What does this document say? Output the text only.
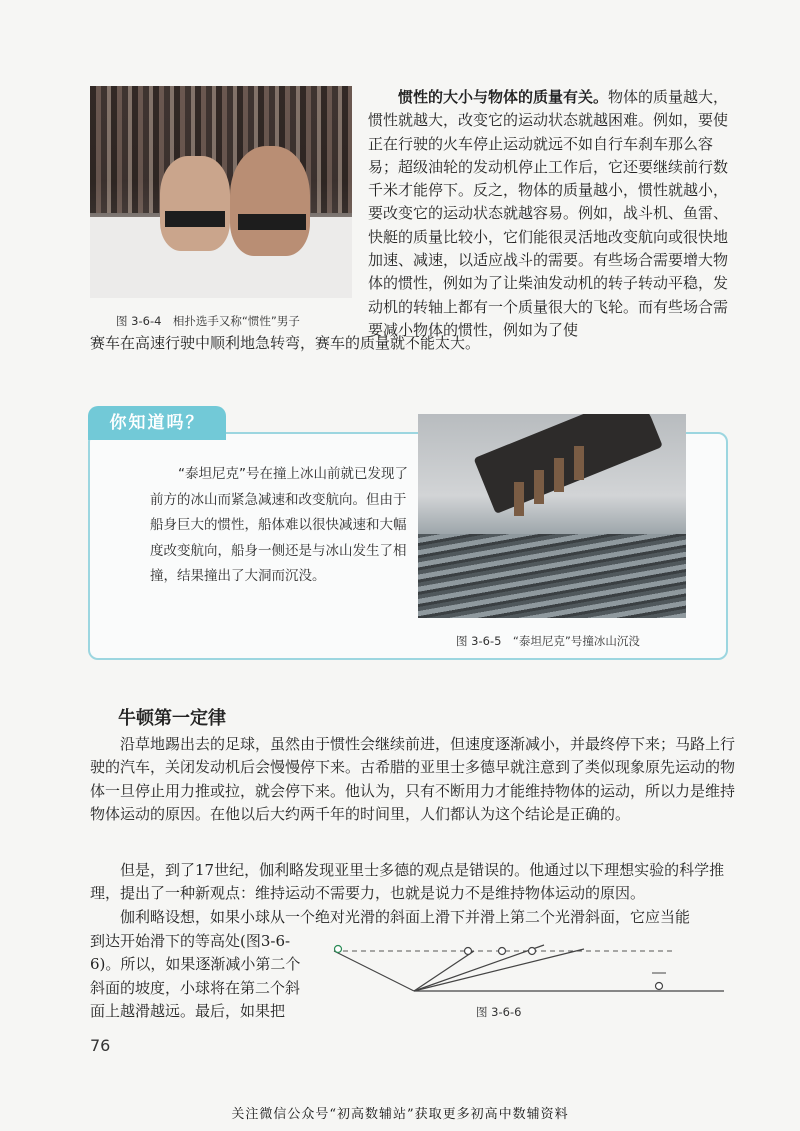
图 3-6-4　相扑选手又称“惯性”男子
惯性的大小与物体的质量有关。物体的质量越大，惯性就越大，改变它的运动状态就越困难。例如，要使正在行驶的火车停止运动就远不如自行车刹车那么容易；超级油轮的发动机停止工作后，它还要继续前行数千米才能停下。反之，物体的质量越小，惯性就越小，要改变它的运动状态就越容易。例如，战斗机、鱼雷、快艇的质量比较小，它们能很灵活地改变航向或很快地加速、减速，以适应战斗的需要。有些场合需要增大物体的惯性，例如为了让柴油发动机的转子转动平稳，发动机的转轴上都有一个质量很大的飞轮。而有些场合需要减小物体的惯性，例如为了使
赛车在高速行驶中顺利地急转弯，赛车的质量就不能太大。
你知道吗？
“泰坦尼克”号在撞上冰山前就已发现了前方的冰山而紧急减速和改变航向。但由于船身巨大的惯性，船体难以很快减速和大幅度改变航向，船身一侧还是与冰山发生了相撞，结果撞出了大洞而沉没。
图 3-6-5　“泰坦尼克”号撞冰山沉没
牛顿第一定律
沿草地踢出去的足球，虽然由于惯性会继续前进，但速度逐渐减小，并最终停下来；马路上行驶的汽车，关闭发动机后会慢慢停下来。古希腊的亚里士多德早就注意到了类似现象原先运动的物体一旦停止用力推或拉，就会停下来。他认为，只有不断用力才能维持物体的运动，所以力是维持物体运动的原因。在他以后大约两千年的时间里，人们都认为这个结论是正确的。
但是，到了17世纪，伽利略发现亚里士多德的观点是错误的。他通过以下理想实验的科学推理，提出了一种新观点：维持运动不需要力，也就是说力不是维持物体运动的原因。
伽利略设想，如果小球从一个绝对光滑的斜面上滑下并滑上第二个光滑斜面，它应当能
到达开始滑下的等高处(图3-6-6)。所以，如果逐渐减小第二个斜面的坡度，小球将在第二个斜面上越滑越远。最后，如果把	图 3-6-6
76
关注微信公众号“初高数辅站”获取更多初高中数辅资料
